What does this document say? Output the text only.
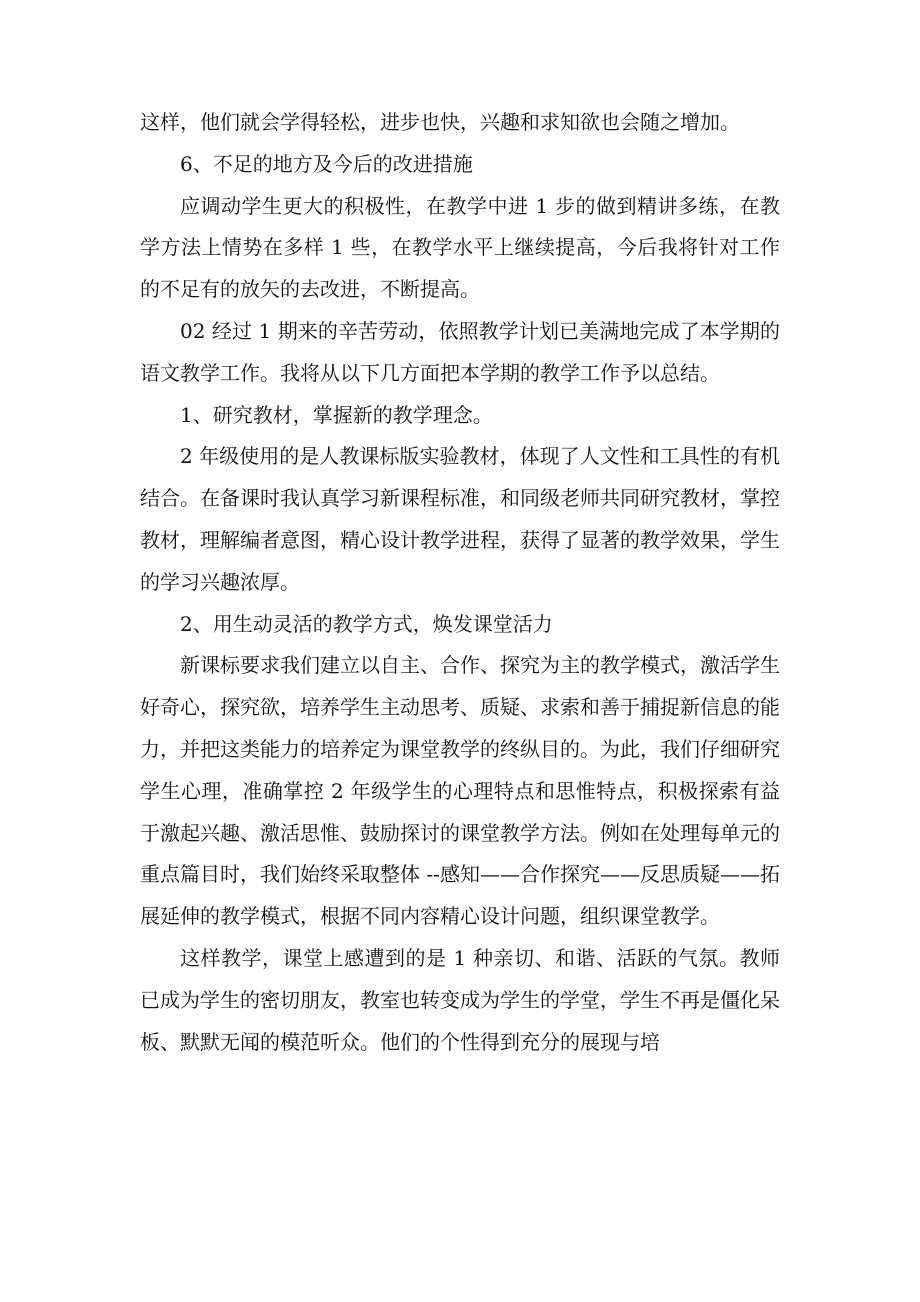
这样，他们就会学得轻松，进步也快，兴趣和求知欲也会随之增加。

6、不足的地方及今后的改进措施

应调动学生更大的积极性，在教学中进 1 步的做到精讲多练，在教学方法上情势在多样 1 些，在教学水平上继续提高，今后我将针对工作的不足有的放矢的去改进，不断提高。

02 经过 1 期来的辛苦劳动，依照教学计划已美满地完成了本学期的语文教学工作。我将从以下几方面把本学期的教学工作予以总结。

1、研究教材，掌握新的教学理念。

2 年级使用的是人教课标版实验教材，体现了人文性和工具性的有机结合。在备课时我认真学习新课程标准，和同级老师共同研究教材，掌控教材，理解编者意图，精心设计教学进程，获得了显著的教学效果，学生的学习兴趣浓厚。

2、用生动灵活的教学方式，焕发课堂活力

新课标要求我们建立以自主、合作、探究为主的教学模式，激活学生好奇心，探究欲，培养学生主动思考、质疑、求索和善于捕捉新信息的能力，并把这类能力的培养定为课堂教学的终纵目的。为此，我们仔细研究学生心理，准确掌控 2 年级学生的心理特点和思惟特点，积极探索有益于激起兴趣、激活思惟、鼓励探讨的课堂教学方法。例如在处理每单元的重点篇目时，我们始终采取整体 --感知——合作探究——反思质疑——拓展延伸的教学模式，根据不同内容精心设计问题，组织课堂教学。

这样教学，课堂上感遭到的是 1 种亲切、和谐、活跃的气氛。教师已成为学生的密切朋友，教室也转变成为学生的学堂，学生不再是僵化呆板、默默无闻的模范听众。他们的个性得到充分的展现与培
